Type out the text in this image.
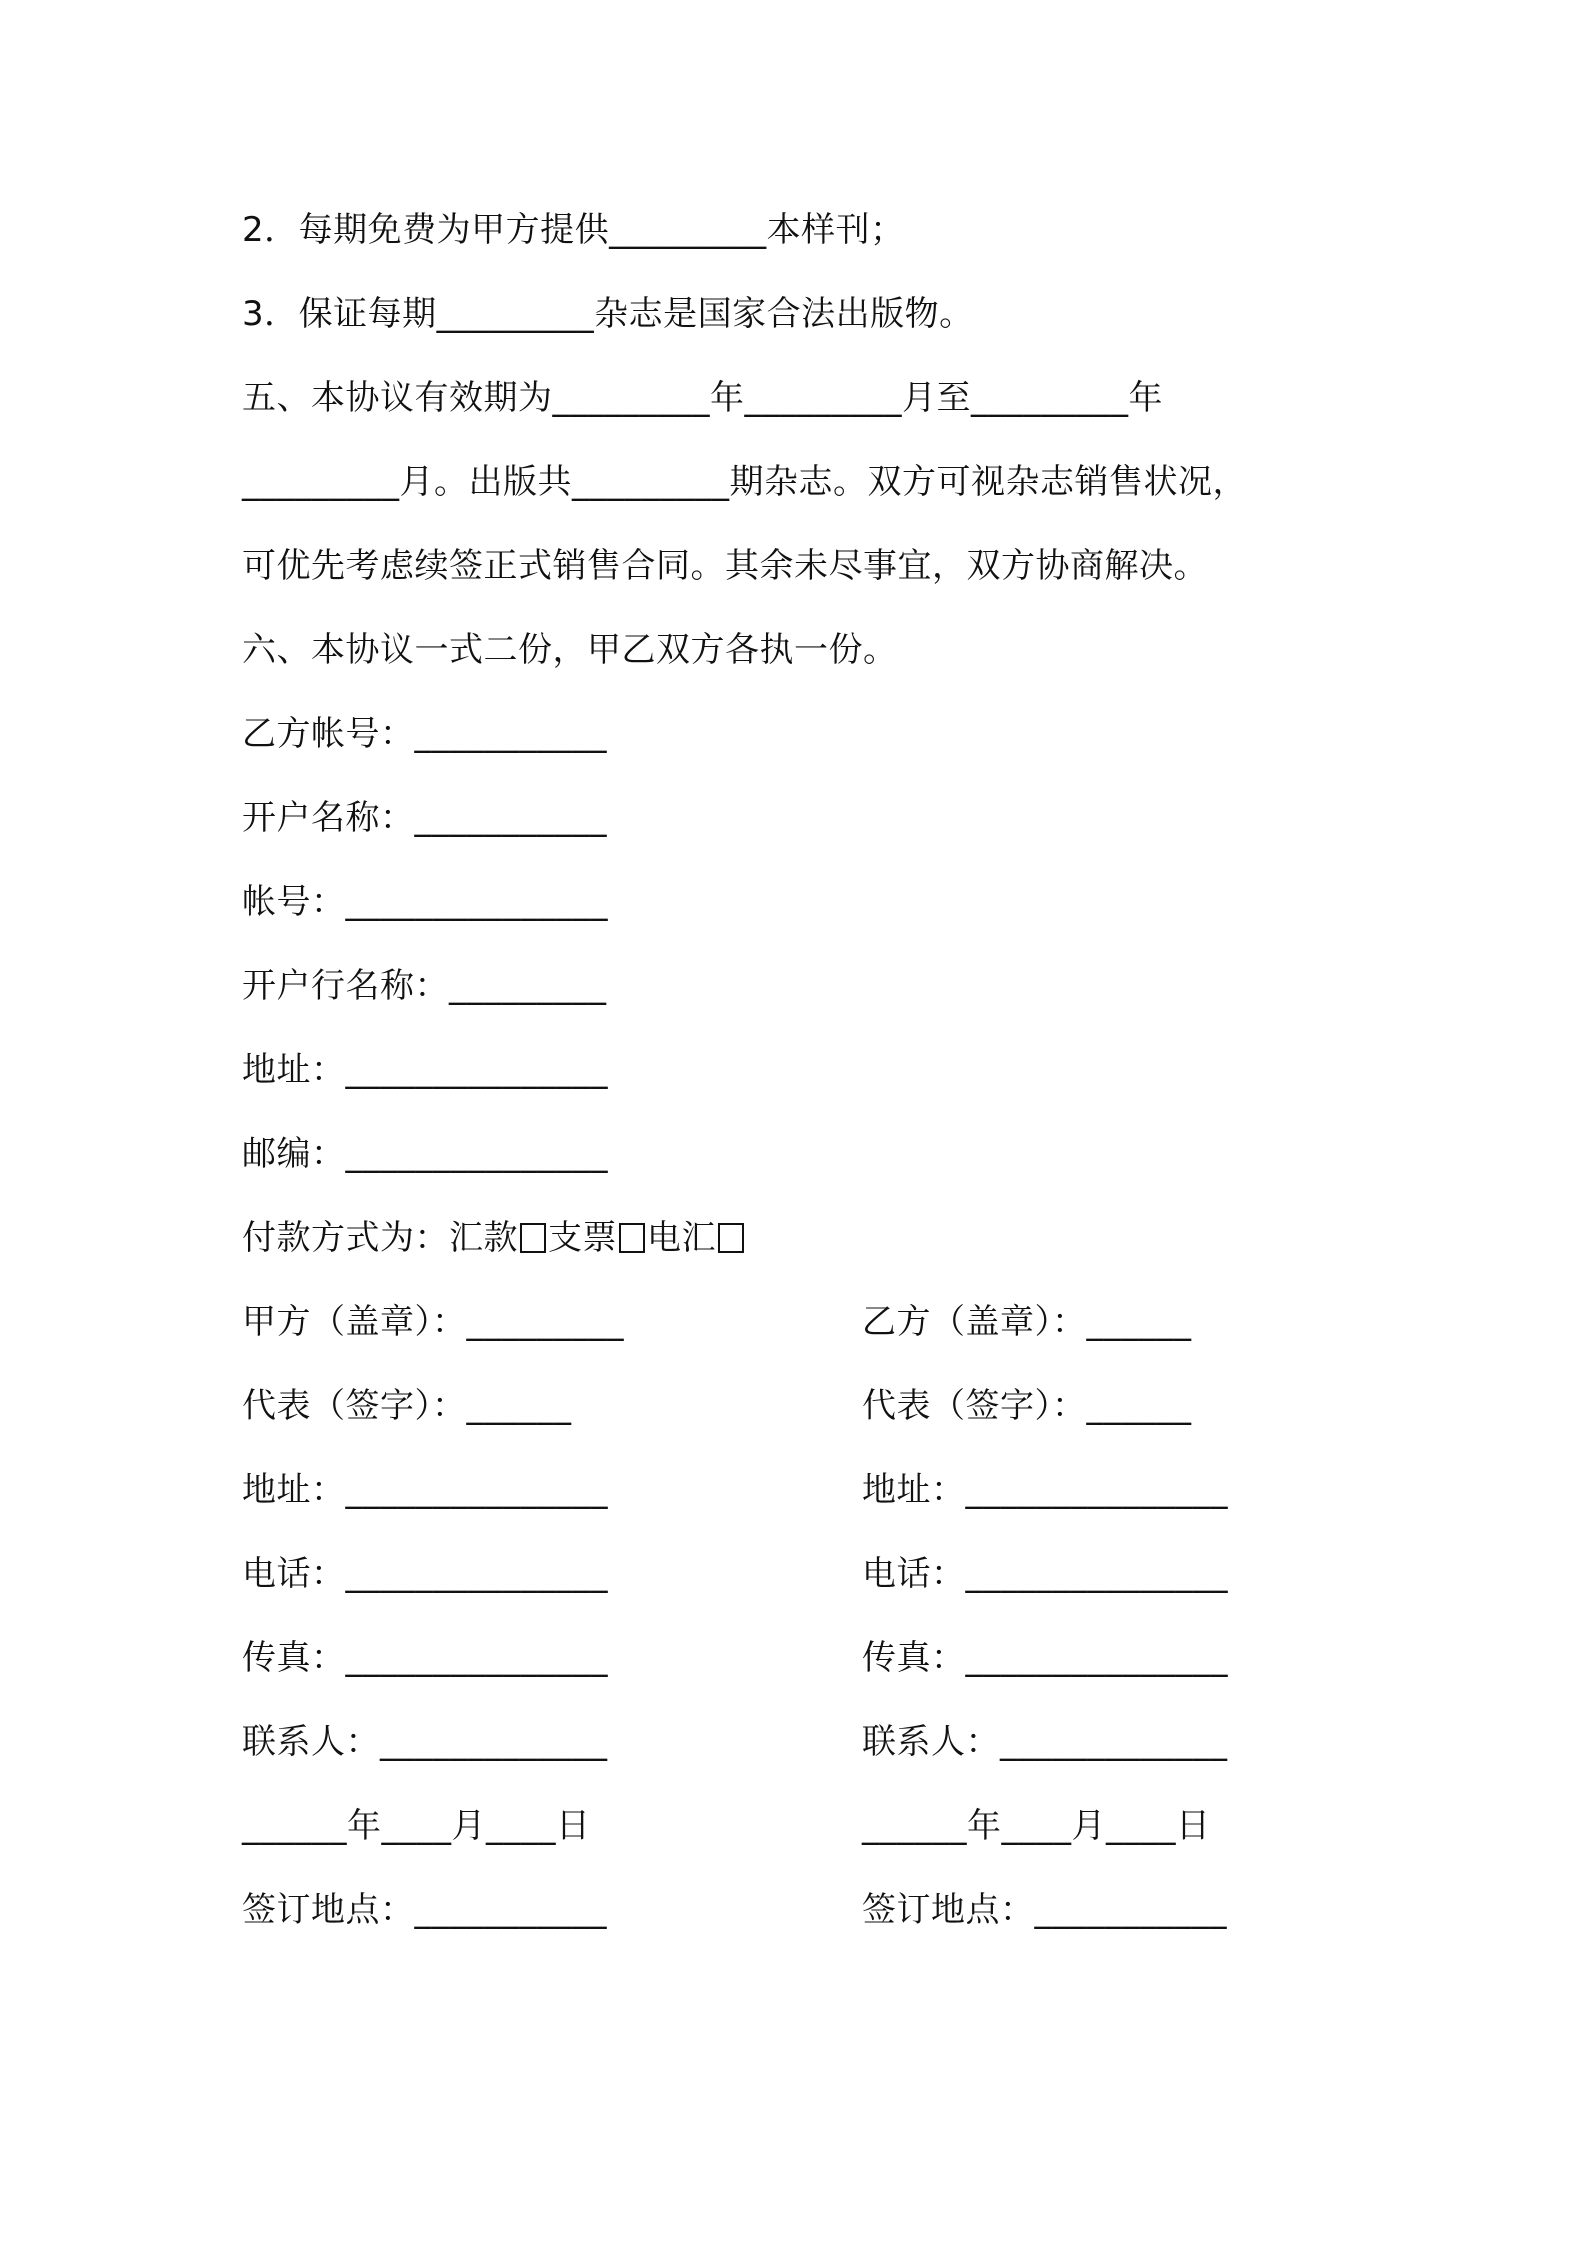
2．每期免费为甲方提供_________本样刊；
3．保证每期_________杂志是国家合法出版物。
五、本协议有效期为_________年_________月至_________年
_________月。出版共_________期杂志。双方可视杂志销售状况，
可优先考虑续签正式销售合同。其余未尽事宜，双方协商解决。
六、本协议一式二份，甲乙双方各执一份。
乙方帐号：___________
开户名称：___________
帐号：_______________
开户行名称：_________
地址：_______________
邮编：_______________
付款方式为：汇款 支票 电汇
甲方（盖章）：_________	乙方（盖章）：______
代表（签字）：______	代表（签字）：______
地址：_______________	地址：_______________
电话：_______________	电话：_______________
传真：_______________	传真：_______________
联系人：_____________	联系人：_____________
______年____月____日	______年____月____日
签订地点：___________	签订地点：___________
